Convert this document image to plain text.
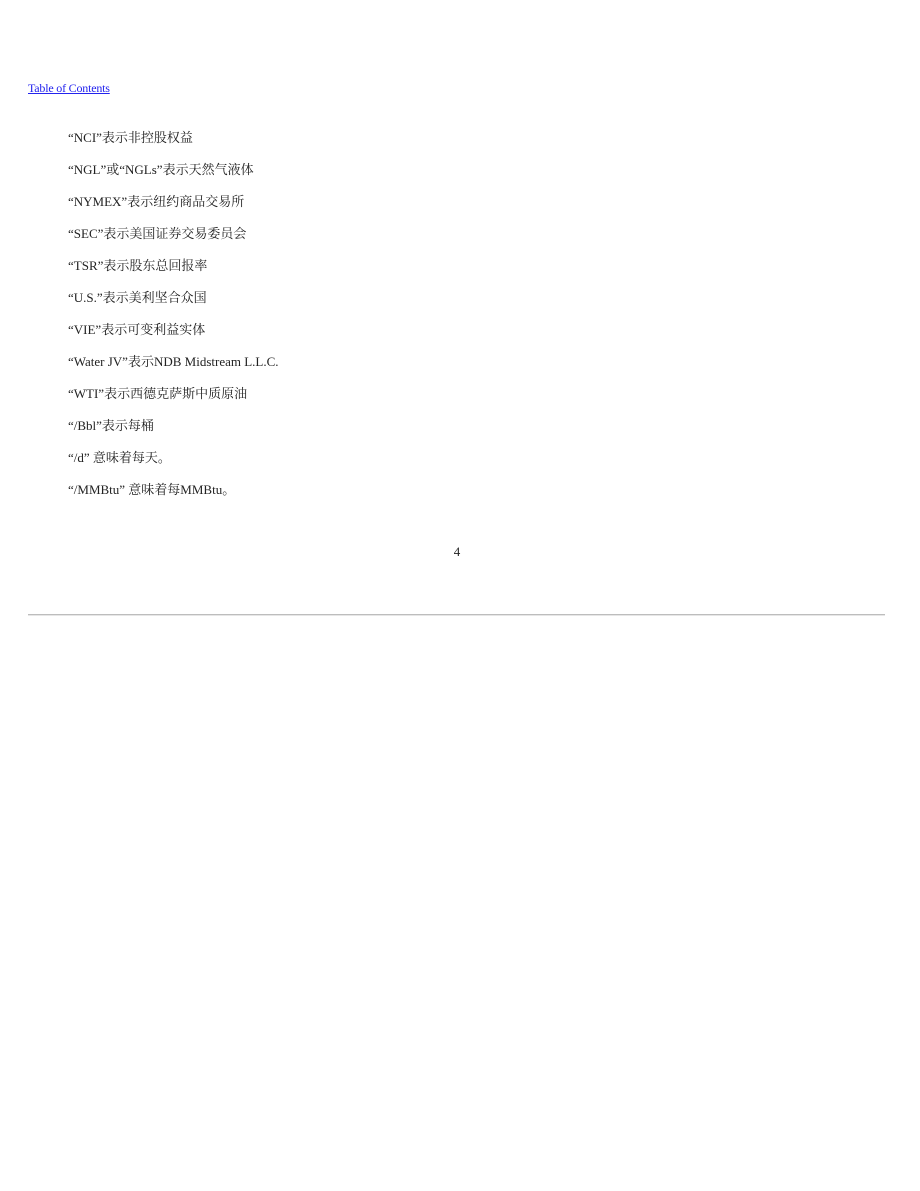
Table of Contents
“NCI”表示非控股权益
“NGL”或“NGLs”表示天然气液体
“NYMEX”表示纽约商品交易所
“SEC”表示美国证券交易委员会
“TSR”表示股东总回报率
“U.S.”表示美利坚合众国
“VIE”表示可变利益实体
“Water JV”表示NDB Midstream L.L.C.
“WTI”表示西德克萨斯中质原油
“/Bbl”表示每桶
“/d” 意味着每天。
“/MMBtu” 意味着每MMBtu。
4
